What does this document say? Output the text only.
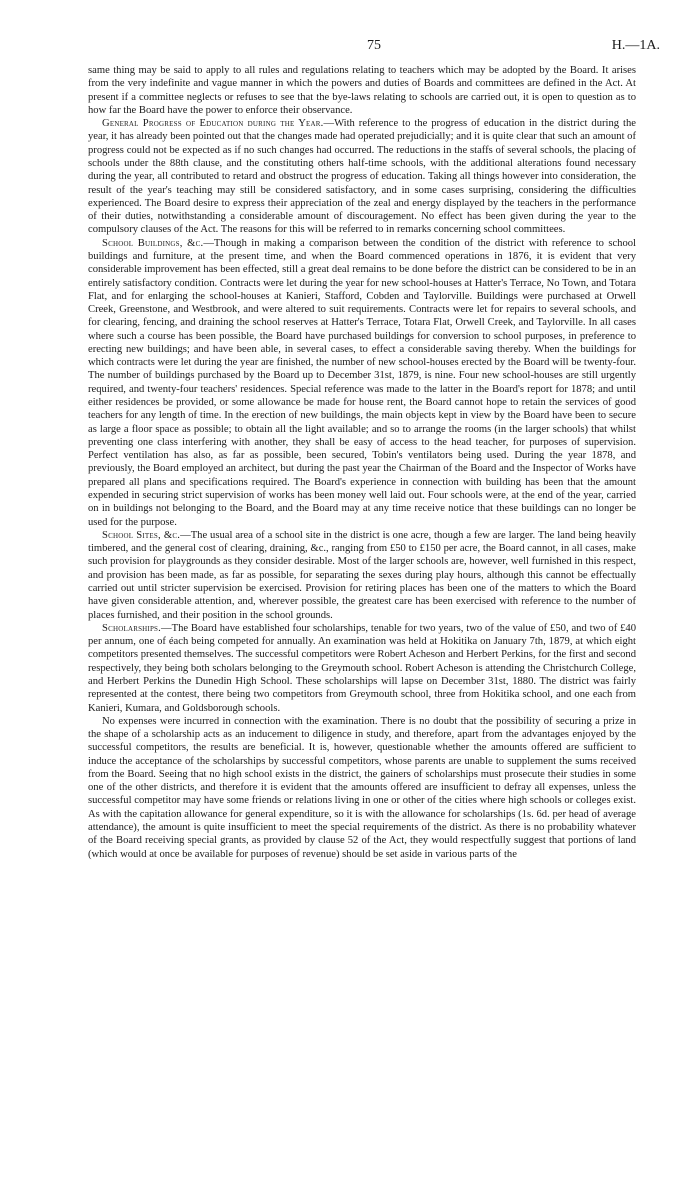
75	H.—1A.

same thing may be said to apply to all rules and regulations relating to teachers which may be adopted by the Board. It arises from the very indefinite and vague manner in which the powers and duties of Boards and committees are defined in the Act. At present if a committee neglects or refuses to see that the bye-laws relating to schools are carried out, it is open to question as to how far the Board have the power to enforce their observance.

General Progress of Education during the Year.—With reference to the progress of education in the district during the year, it has already been pointed out that the changes made had operated prejudicially; and it is quite clear that such an amount of progress could not be expected as if no such changes had occurred. The reductions in the staffs of several schools, the placing of schools under the 88th clause, and the constituting others half-time schools, with the additional alterations found necessary during the year, all contributed to retard and obstruct the progress of education. Taking all things however into consideration, the result of the year's teaching may still be considered satisfactory, and in some cases surprising, considering the difficulties experienced. The Board desire to express their appreciation of the zeal and energy displayed by the teachers in the performance of their duties, notwithstanding a considerable amount of discouragement. No effect has been given during the year to the compulsory clauses of the Act. The reasons for this will be referred to in remarks concerning school committees.

School Buildings, &c.—Though in making a comparison between the condition of the district with reference to school buildings and furniture, at the present time, and when the Board commenced operations in 1876, it is evident that very considerable improvement has been effected, still a great deal remains to be done before the district can be considered to be in an entirely satisfactory condition. Contracts were let during the year for new school-houses at Hatter's Terrace, No Town, and Totara Flat, and for enlarging the school-houses at Kanieri, Stafford, Cobden and Taylorville. Buildings were purchased at Orwell Creek, Greenstone, and Westbrook, and were altered to suit requirements. Contracts were let for repairs to several schools, and for clearing, fencing, and draining the school reserves at Hatter's Terrace, Totara Flat, Orwell Creek, and Taylorville. In all cases where such a course has been possible, the Board have purchased buildings for conversion to school purposes, in preference to erecting new buildings; and have been able, in several cases, to effect a considerable saving thereby. When the buildings for which contracts were let during the year are finished, the number of new school-houses erected by the Board will be twenty-four. The number of buildings purchased by the Board up to December 31st, 1879, is nine. Four new school-houses are still urgently required, and twenty-four teachers' residences. Special reference was made to the latter in the Board's report for 1878; and until either residences be provided, or some allowance be made for house rent, the Board cannot hope to retain the services of good teachers for any length of time. In the erection of new buildings, the main objects kept in view by the Board have been to secure as large a floor space as possible; to obtain all the light available; and so to arrange the rooms (in the larger schools) that whilst preventing one class interfering with another, they shall be easy of access to the head teacher, for purposes of supervision. Perfect ventilation has also, as far as possible, been secured, Tobin's ventilators being used. During the year 1878, and previously, the Board employed an architect, but during the past year the Chairman of the Board and the Inspector of Works have prepared all plans and specifications required. The Board's experience in connection with building has been that the amount expended in securing strict supervision of works has been money well laid out. Four schools were, at the end of the year, carried on in buildings not belonging to the Board, and the Board may at any time receive notice that these buildings can no longer be used for the purpose.

School Sites, &c.—The usual area of a school site in the district is one acre, though a few are larger. The land being heavily timbered, and the general cost of clearing, draining, &c., ranging from £50 to £150 per acre, the Board cannot, in all cases, make such provision for playgrounds as they consider desirable. Most of the larger schools are, however, well furnished in this respect, and provision has been made, as far as possible, for separating the sexes during play hours, although this cannot be effectually carried out until stricter supervision be exercised. Provision for retiring places has been one of the matters to which the Board have given considerable attention, and, wherever possible, the greatest care has been exercised with reference to the number of places furnished, and their position in the school grounds.

Scholarships.—The Board have established four scholarships, tenable for two years, two of the value of £50, and two of £40 per annum, one of éach being competed for annually. An examination was held at Hokitika on January 7th, 1879, at which eight competitors presented themselves. The successful competitors were Robert Acheson and Herbert Perkins, for the first and second respectively, they being both scholars belonging to the Greymouth school. Robert Acheson is attending the Christchurch College, and Herbert Perkins the Dunedin High School. These scholarships will lapse on December 31st, 1880. The district was fairly represented at the contest, there being two competitors from Greymouth school, three from Hokitika school, and one each from Kanieri, Kumara, and Goldsborough schools.

No expenses were incurred in connection with the examination. There is no doubt that the possibility of securing a prize in the shape of a scholarship acts as an inducement to diligence in study, and therefore, apart from the advantages enjoyed by the successful competitors, the results are beneficial. It is, however, questionable whether the amounts offered are sufficient to induce the acceptance of the scholarships by successful competitors, whose parents are unable to supplement the sums received from the Board. Seeing that no high school exists in the district, the gainers of scholarships must prosecute their studies in some one of the other districts, and therefore it is evident that the amounts offered are insufficient to defray all expenses, unless the successful competitor may have some friends or relations living in one or other of the cities where high schools or colleges exist. As with the capitation allowance for general expenditure, so it is with the allowance for scholarships (1s. 6d. per head of average attendance), the amount is quite insufficient to meet the special requirements of the district. As there is no probability whatever of the Board receiving special grants, as provided by clause 52 of the Act, they would respectfully suggest that portions of land (which would at once be available for purposes of revenue) should be set aside in various parts of the
